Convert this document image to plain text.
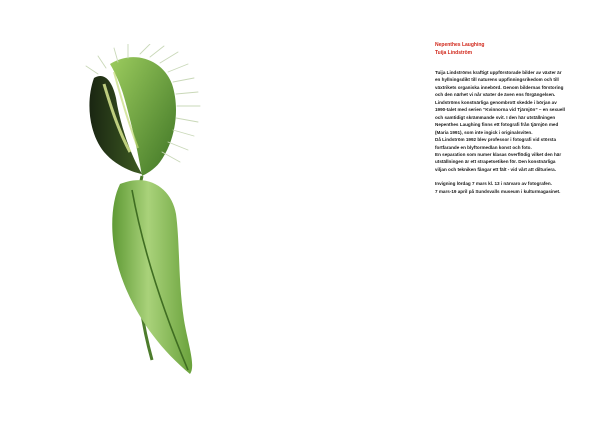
Nepenthes Laughing

Tuija Lindström

Tuija Lindströms kraftigt uppförstorade bilder av växter är
en hyllningsdikt till naturens uppfinningsrikedom och till
växtrikets organiska innebörd. Genom bildernas förstoring
och den närhet vi når växter de även ens förgängelsen.
Lindströms konstnärliga genombrott skedde i början av
1990-talet med serien “Kvinnorna vid Tjärnjön” – en sexuell
och samtidigt skrämmande svit. I den här utställningen
Nepenthes Laughing finns ett fotografi från tjärnjön med
(Maria 1991), som inte ingick i originalsviten.
Då Lindström 1992 blev professor i fotografi vid största
fortfarande en blyftormedlan konst och foto.
En separation som numer klasas överflödig vilket den här
utställningen är ett strapetsetiken för. Den konstnärliga
viljan och tekniken fångar ett fält - vid vårt att dilturiera.
Invigning lördag 7 mars kl. 13 i närvaro av fotografen.
7 mars-19 april på Sundsvalls museum i kulturmagasinet.
